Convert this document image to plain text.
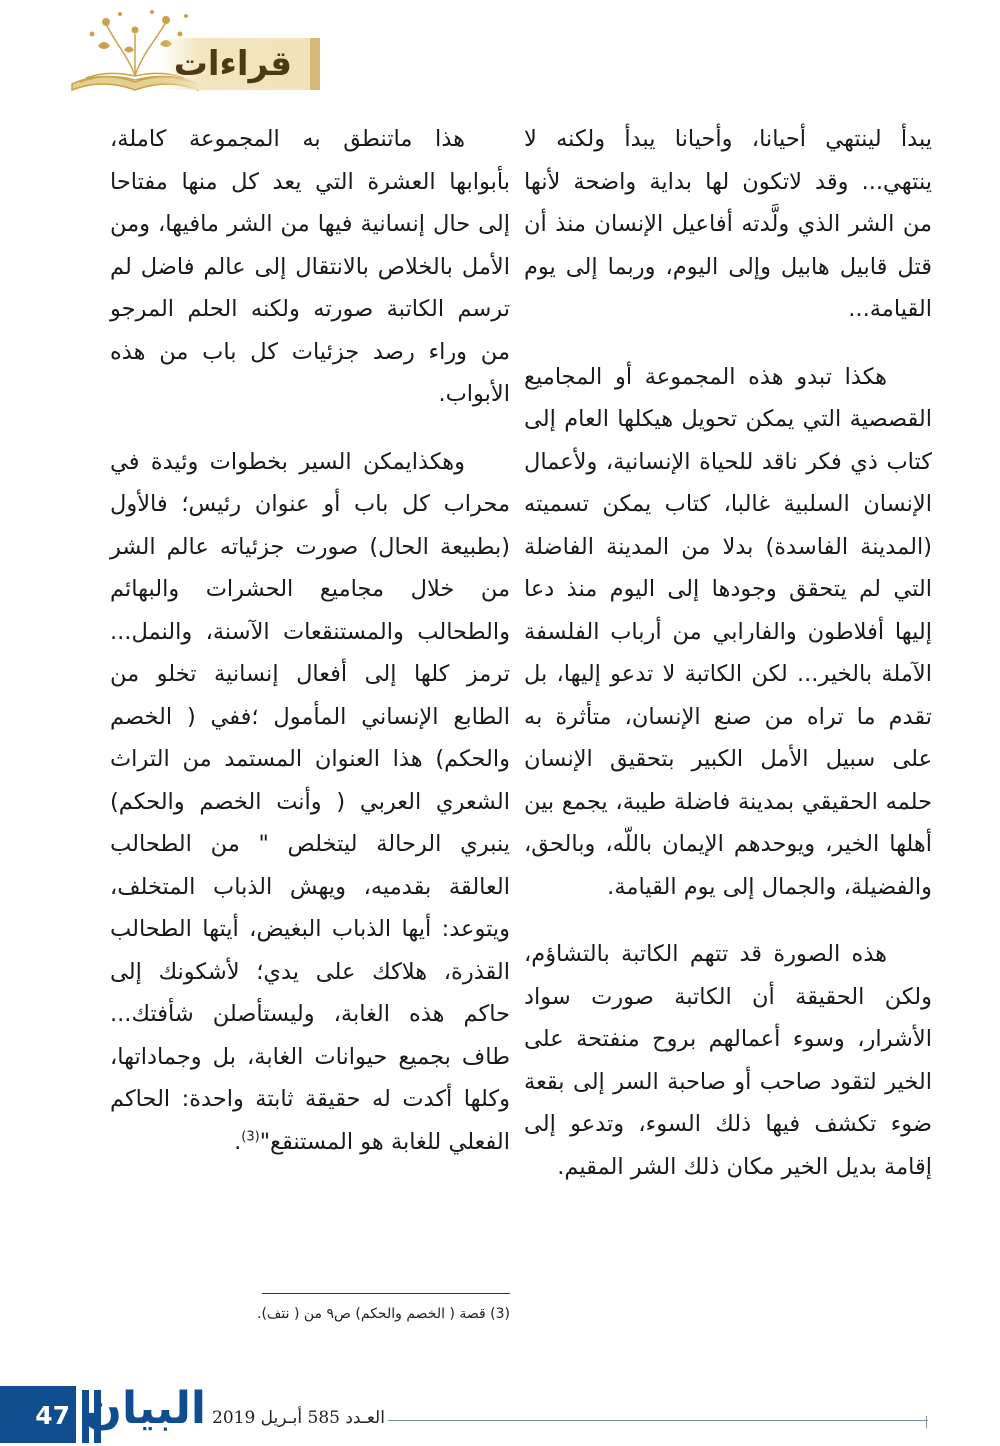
قراءات

يبدأ لينتهي أحيانا، وأحيانا يبدأ ولكنه لا ينتهي... وقد لاتكون لها بداية واضحة لأنها من الشر الذي ولَّدته أفاعيل الإنسان منذ أن قتل قابيل هابيل وإلى اليوم، وربما إلى يوم القيامة...

هكذا تبدو هذه المجموعة أو المجاميع القصصية التي يمكن تحويل هيكلها العام إلى كتاب ذي فكر ناقد للحياة الإنسانية، ولأعمال الإنسان السلبية غالبا، كتاب يمكن تسميته (المدينة الفاسدة) بدلا من المدينة الفاضلة التي لم يتحقق وجودها إلى اليوم منذ دعا إليها أفلاطون والفارابي من أرباب الفلسفة الآملة بالخير... لكن الكاتبة لا تدعو إليها، بل تقدم ما تراه من صنع الإنسان، متأثرة به على سبيل الأمل الكبير بتحقيق الإنسان حلمه الحقيقي بمدينة فاضلة طيبة، يجمع بين أهلها الخير، ويوحدهم الإيمان باللّه، وبالحق، والفضيلة، والجمال إلى يوم القيامة.

هذه الصورة قد تتهم الكاتبة بالتشاؤم، ولكن الحقيقة أن الكاتبة صورت سواد الأشرار، وسوء أعمالهم بروح منفتحة على الخير لتقود صاحب أو صاحبة السر إلى بقعة ضوء تكشف فيها ذلك السوء، وتدعو إلى إقامة بديل الخير مكان ذلك الشر المقيم.

هذا ماتنطق به المجموعة كاملة، بأبوابها العشرة التي يعد كل منها مفتاحا إلى حال إنسانية فيها من الشر مافيها، ومن الأمل بالخلاص بالانتقال إلى عالم فاضل لم ترسم الكاتبة صورته ولكنه الحلم المرجو من وراء رصد جزئيات كل باب من هذه الأبواب.

وهكذايمكن السير بخطوات وئيدة في محراب كل باب أو عنوان رئيس؛ فالأول (بطبيعة الحال) صورت جزئياته عالم الشر من خلال مجاميع الحشرات والبهائم والطحالب والمستنقعات الآسنة، والنمل... ترمز كلها إلى أفعال إنسانية تخلو من الطابع الإنساني المأمول ؛ففي ( الخصم والحكم) هذا العنوان المستمد من التراث الشعري العربي ( وأنت الخصم والحكم) ينبري الرحالة ليتخلص " من الطحالب العالقة بقدميه، ويهش الذباب المتخلف، ويتوعد: أيها الذباب البغيض، أيتها الطحالب القذرة، هلاكك على يدي؛ لأشكونك إلى حاكم هذه الغابة، وليستأصلن شأفتك... طاف بجميع حيوانات الغابة، بل وجماداتها، وكلها أكدت له حقيقة ثابتة واحدة: الحاكم الفعلي للغابة هو المستنقع"$^{(3)}$.

(3) قصة ( الخصم والحكم) ص٩ من ( نتف).
47 البيان	العـدد 585 أبـريل 2019
